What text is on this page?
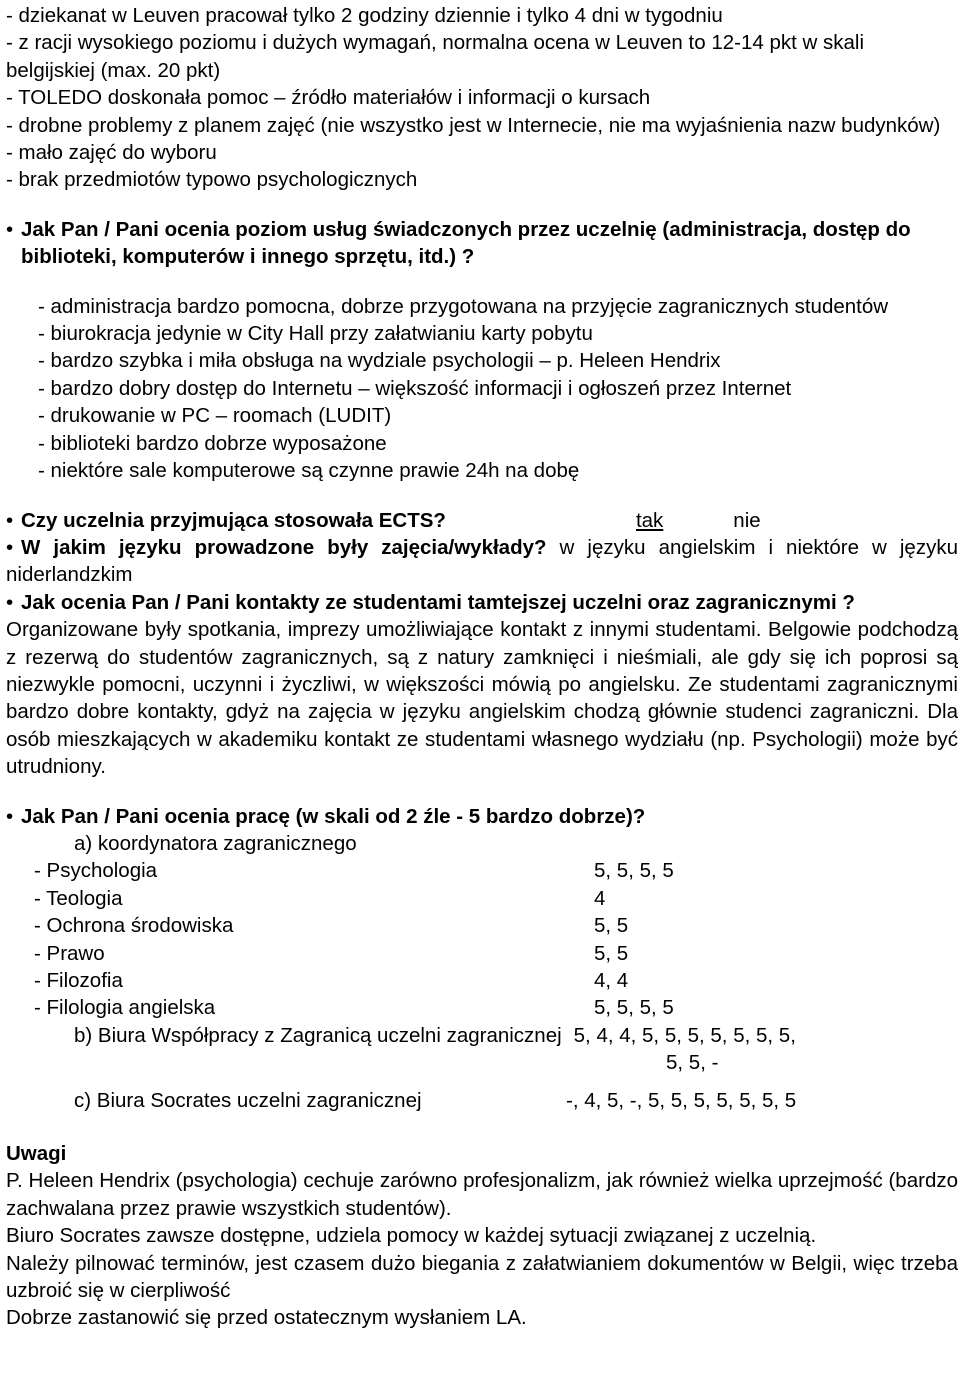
- dziekanat w Leuven pracował tylko 2 godziny dziennie i tylko 4 dni w tygodniu

- z racji wysokiego poziomu i dużych wymagań, normalna ocena w Leuven to 12-14 pkt w skali belgijskiej (max. 20 pkt)

- TOLEDO doskonała pomoc – źródło materiałów i informacji o kursach

- drobne problemy z planem zajęć (nie wszystko jest w Internecie, nie ma wyjaśnienia nazw budynków)

- mało zajęć do wyboru

- brak przedmiotów typowo psychologicznych

• Jak Pan / Pani ocenia poziom usług świadczonych przez uczelnię (administracja, dostęp do biblioteki, komputerów i innego sprzętu, itd.) ?

- administracja bardzo pomocna, dobrze przygotowana na przyjęcie zagranicznych studentów

- biurokracja jedynie w City Hall przy załatwianiu karty pobytu

- bardzo szybka i miła obsługa na wydziale psychologii – p. Heleen Hendrix

- bardzo dobry dostęp do Internetu – większość informacji i ogłoszeń przez Internet

- drukowanie w PC – roomach (LUDIT)

- biblioteki bardzo dobrze wyposażone

- niektóre sale komputerowe są czynne prawie 24h na dobę

• Czy uczelnia przyjmująca stosowała ECTS?	tak	nie
• W jakim języku prowadzone były zajęcia/wykłady? w języku angielskim i niektóre w języku niderlandzkim
• Jak ocenia Pan / Pani kontakty ze studentami tamtejszej uczelni oraz zagranicznymi ?

Organizowane były spotkania, imprezy umożliwiające kontakt z innymi studentami. Belgowie podchodzą z rezerwą do studentów zagranicznych, są z natury zamknięci i nieśmiali, ale gdy się ich poprosi są niezwykle pomocni, uczynni i życzliwi, w większości mówią po angielsku. Ze studentami zagranicznymi bardzo dobre kontakty, gdyż na zajęcia w języku angielskim chodzą głównie studenci zagraniczni. Dla osób mieszkających w akademiku kontakt ze studentami własnego wydziału (np. Psychologii) może być utrudniony.

• Jak Pan / Pani ocenia pracę (w skali od 2 źle - 5 bardzo dobrze)?

a) koordynatora zagranicznego

- Psychologia	5, 5, 5, 5
- Teologia	4
- Ochrona środowiska	5, 5
- Prawo	5, 5
- Filozofia	4, 4
- Filologia angielska	5, 5, 5, 5
b) Biura Współpracy z Zagranicą uczelni zagranicznej 5, 4, 4, 5, 5, 5, 5, 5, 5, 5,
5, 5, -
c) Biura Socrates uczelni zagranicznej	-, 4, 5, -, 5, 5, 5, 5, 5, 5, 5

Uwagi

P. Heleen Hendrix (psychologia) cechuje zarówno profesjonalizm, jak również wielka uprzejmość (bardzo zachwalana przez prawie wszystkich studentów).

Biuro Socrates zawsze dostępne, udziela pomocy w każdej sytuacji związanej z uczelnią.

Należy pilnować terminów, jest czasem dużo biegania z załatwianiem dokumentów w Belgii, więc trzeba uzbroić się w cierpliwość

Dobrze zastanowić się przed ostatecznym wysłaniem LA.
